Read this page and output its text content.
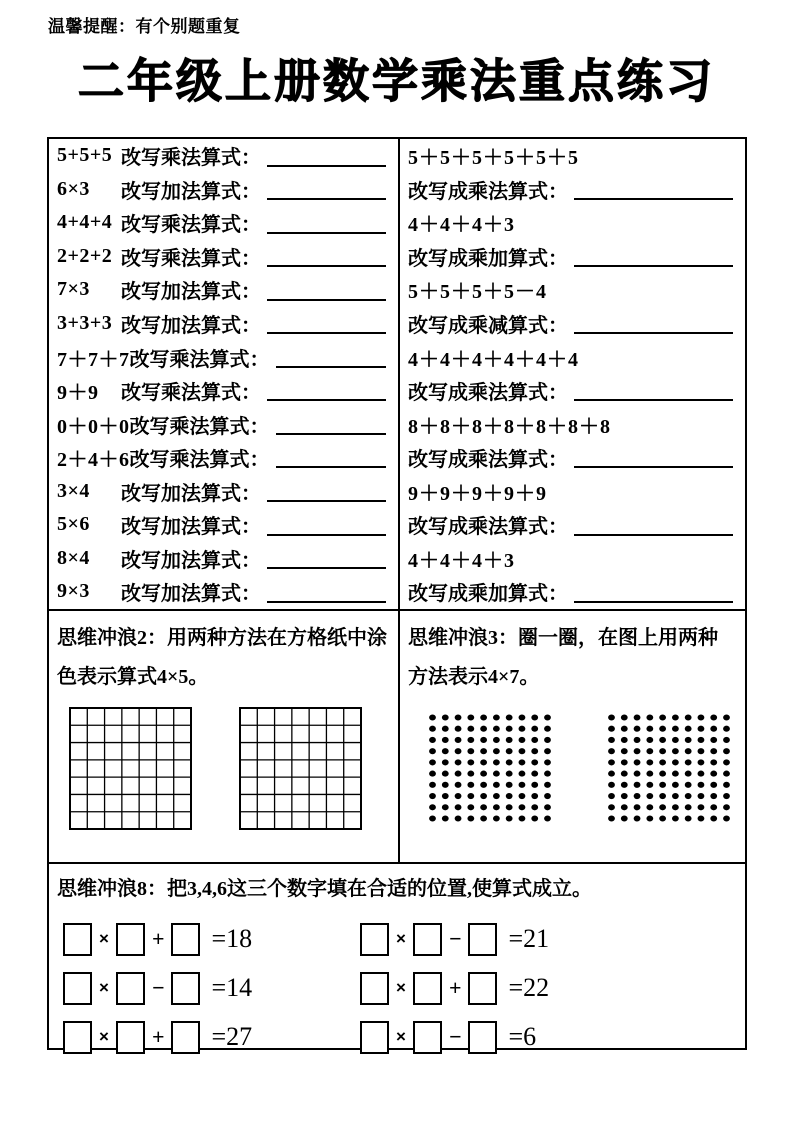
温馨提醒：有个别题重复
二年级上册数学乘法重点练习
5+5+5 改写乘法算式：
6×3	改写加法算式：
4+4+4 改写乘法算式：
2+2+2 改写乘法算式：
7×3	改写加法算式：
3+3+3 改写加法算式：
7＋7＋7 改写乘法算式：
9＋9	改写乘法算式：
0＋0＋0 改写乘法算式：
2＋4＋6 改写乘法算式：
3×4	改写加法算式：
5×6	改写加法算式：
8×4	改写加法算式：
9×3	改写加法算式：
5＋5＋5＋5＋5＋5
改写成乘法算式：
4＋4＋4＋3
改写成乘加算式：
5＋5＋5＋5－4
改写成乘减算式：
4＋4＋4＋4＋4＋4
改写成乘法算式：
8＋8＋8＋8＋8＋8＋8
改写成乘法算式：
9＋9＋9＋9＋9
改写成乘法算式：
4＋4＋4＋3
改写成乘加算式：
思维冲浪2：用两种方法在方格纸中涂色表示算式4×5。
思维冲浪3：圈一圈，在图上用两种方法表示4×7。
思维冲浪8：把3,4,6这三个数字填在合适的位置,使算式成立。
× + =18
× − =14
× + =27
× − =21
× + =22
× − =6
